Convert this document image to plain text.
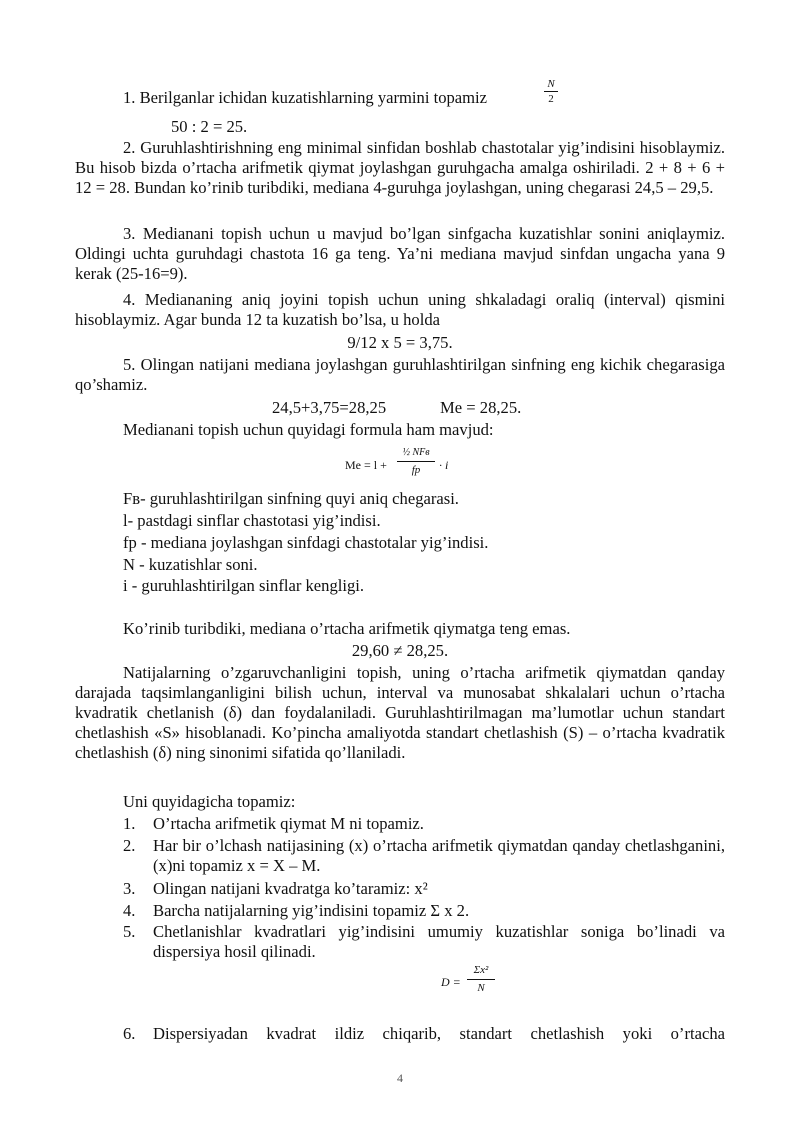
1. Berilganlar ichidan kuzatishlarning yarmini topamiz
N
2
50 : 2 = 25.
2. Guruhlashtirishning eng minimal sinfidan boshlab chastotalar yig’indisini hisoblaymiz. Bu hisob bizda o’rtacha arifmetik qiymat joylashgan guruhgacha amalga oshiriladi. 2 + 8 + 6 + 12 = 28. Bundan ko’rinib turibdiki, mediana 4-guruhga joylashgan, uning chegarasi 24,5 – 29,5.
3. Medianani topish uchun u mavjud bo’lgan sinfgacha kuzatishlar sonini aniqlaymiz. Oldingi uchta guruhdagi chastota 16 ga teng. Ya’ni mediana mavjud sinfdan ungacha yana 9 kerak (25-16=9).
4. Mediananing aniq joyini topish uchun uning shkaladagi oraliq (interval) qismini hisoblaymiz. Agar bunda 12 ta kuzatish bo’lsa, u holda
9/12 x 5 = 3,75.
5. Olingan natijani mediana joylashgan guruhlashtirilgan sinfning eng kichik chegarasiga qo’shamiz.
24,5+3,75=28,25	Me = 28,25.
Medianani topish uchun quyidagi formula ham mavjud:
Me = l +
½ NFв
fp	· i
Fв- guruhlashtirilgan sinfning quyi aniq chegarasi.
l- pastdagi sinflar chastotasi yig’indisi.
fp - mediana joylashgan sinfdagi chastotalar yig’indisi.
N - kuzatishlar soni.
i - guruhlashtirilgan sinflar kengligi.
Ko’rinib turibdiki, mediana o’rtacha arifmetik qiymatga teng emas.
29,60 ≠ 28,25.
Natijalarning o’zgaruvchanligini topish, uning o’rtacha arifmetik qiymatdan qanday darajada taqsimlanganligini bilish uchun, interval va munosabat shkalalari uchun o’rtacha kvadratik chetlanish (δ) dan foydalaniladi. Guruhlashtirilmagan ma’lumotlar uchun standart chetlashish «S» hisoblanadi. Ko’pincha amaliyotda standart chetlashish (S) – o’rtacha kvadratik chetlashish (δ) ning sinonimi sifatida qo’llaniladi.
Uni quyidagicha topamiz:
1. O’rtacha arifmetik qiymat M ni topamiz.
2. Har bir o’lchash natijasining (x) o’rtacha arifmetik qiymatdan qanday chetlashganini, (x)ni topamiz x = X – M.
3. Olingan natijani kvadratga ko’taramiz: x²
4. Barcha natijalarning yig’indisini topamiz Σ x 2.
5. Chetlanishlar kvadratlari yig’indisini umumiy kuzatishlar soniga bo’linadi va dispersiya hosil qilinadi.
D =
Σx²
N
6. Dispersiyadan kvadrat ildiz chiqarib, standart chetlashish yoki o’rtacha
4
